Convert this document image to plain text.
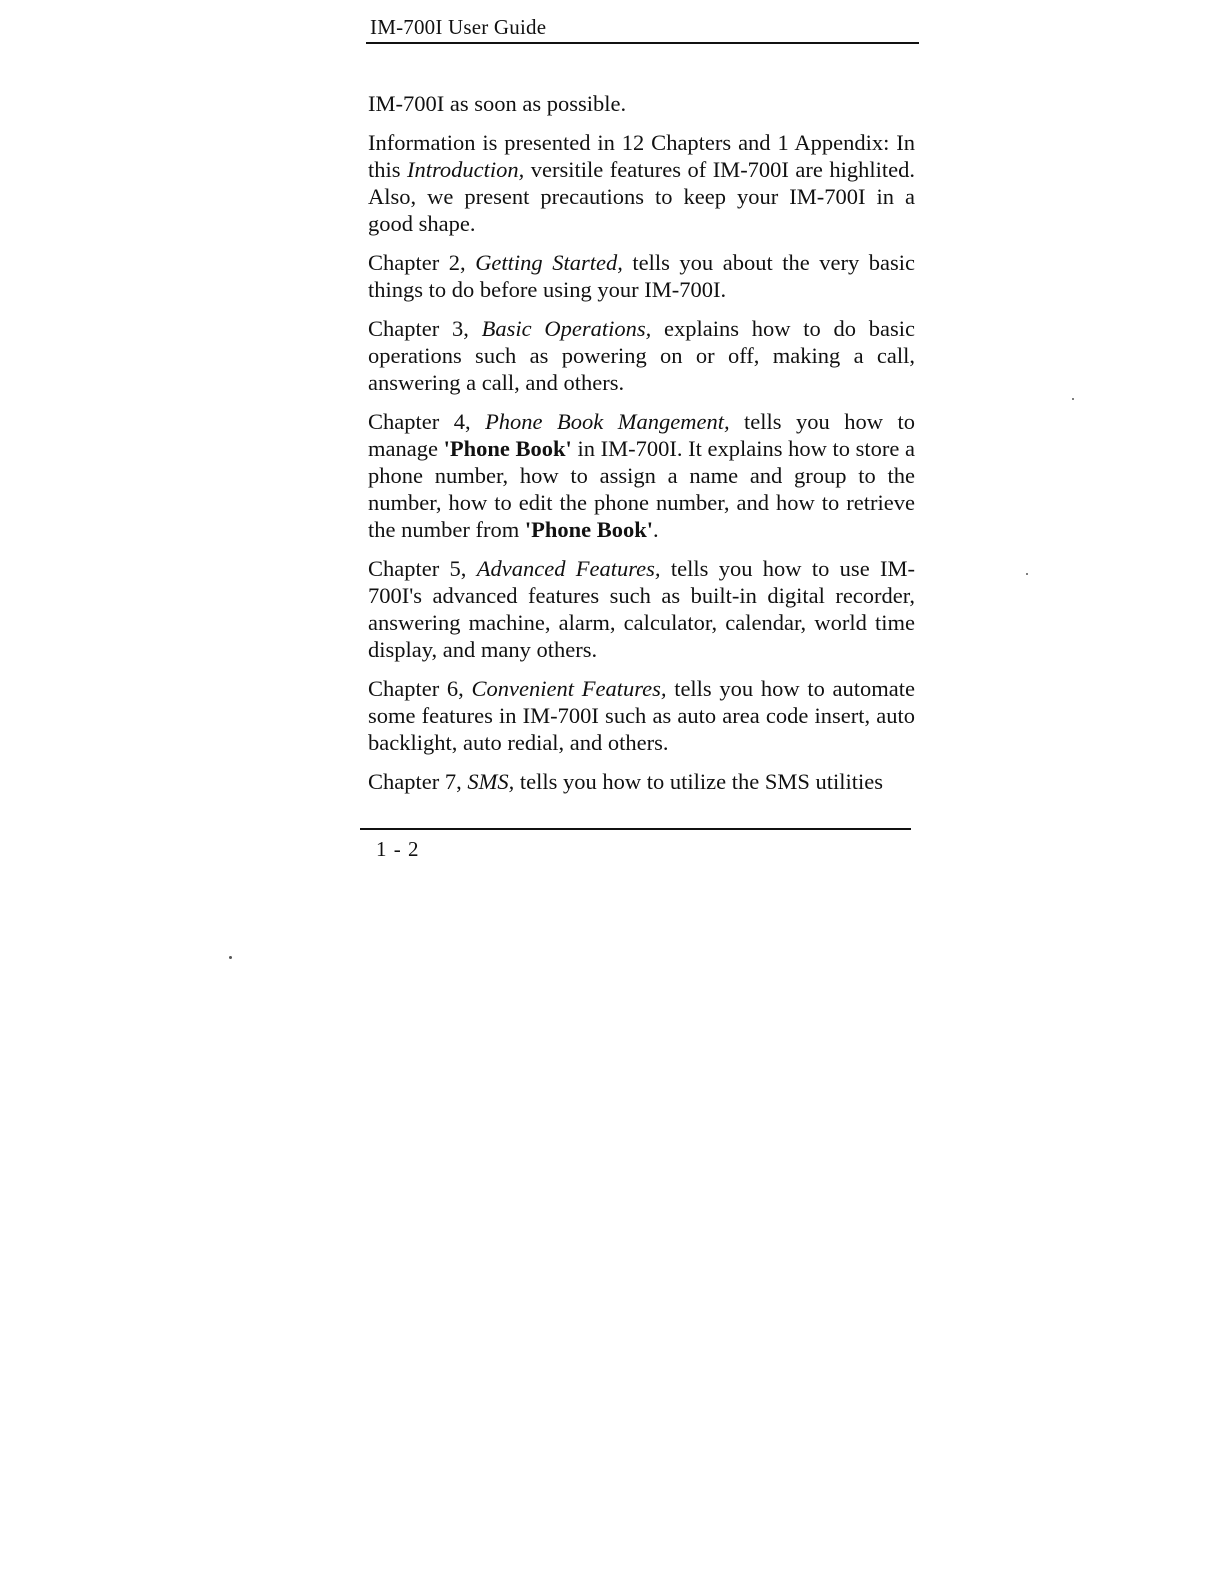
IM-700I User Guide

IM-700I as soon as possible.

Information is presented in 12 Chapters and 1 Appendix: In this Introduction, versitile features of IM-700I are highlited. Also, we present precautions to keep your IM-700I in a good shape.

Chapter 2, Getting Started, tells you about the very basic things to do before using your IM-700I.

Chapter 3, Basic Operations, explains how to do basic operations such as powering on or off, making a call, answering a call, and others.

Chapter 4, Phone Book Mangement, tells you how to manage 'Phone Book' in IM-700I. It explains how to store a phone number, how to assign a name and group to the number, how to edit the phone number, and how to retrieve the number from 'Phone Book'.

Chapter 5, Advanced Features, tells you how to use IM-700I's advanced features such as built-in digital recorder, answering machine, alarm, calculator, calendar, world time display, and many others.

Chapter 6, Convenient Features, tells you how to automate some features in IM-700I such as auto area code insert, auto backlight, auto redial, and others.

Chapter 7, SMS, tells you how to utilize the SMS utilities

1 - 2
